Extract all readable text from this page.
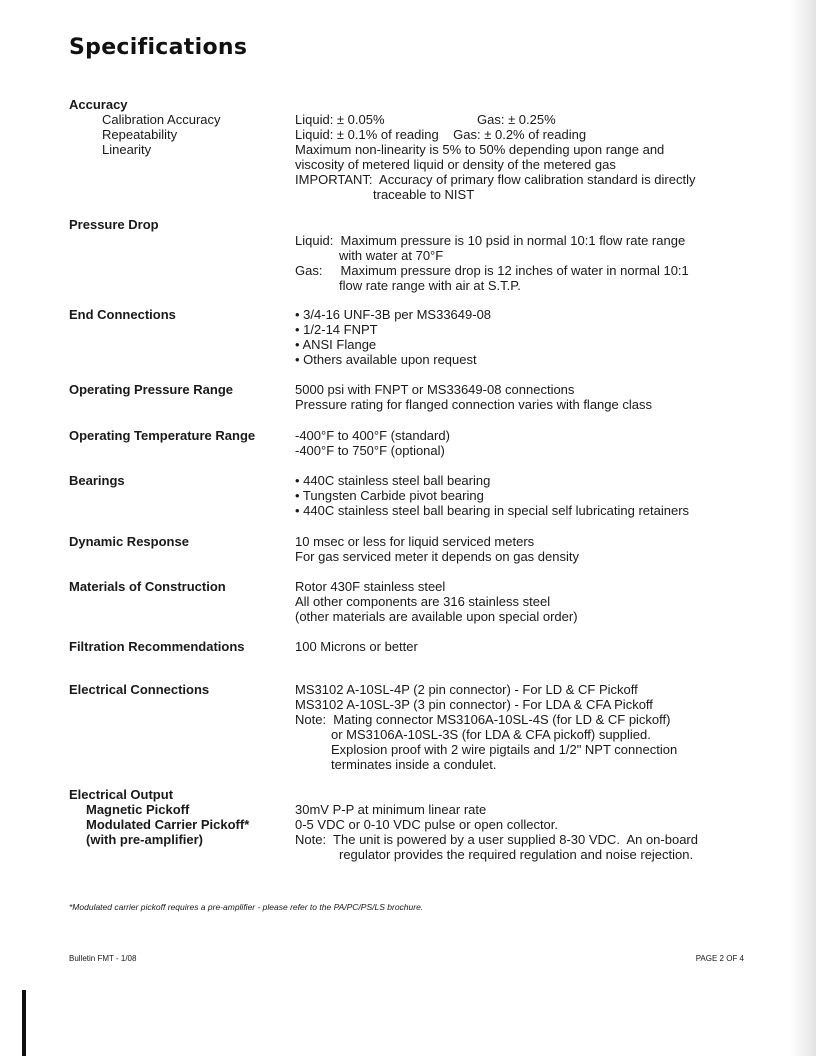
Specifications
Accuracy
Calibration Accuracy	Liquid: ± 0.05%	Gas: ± 0.25%
Repeatability	Liquid: ± 0.1% of reading    Gas: ± 0.2% of reading
Linearity	Maximum non-linearity is 5% to 50% depending upon range and
viscosity of metered liquid or density of the metered gas
IMPORTANT:  Accuracy of primary flow calibration standard is directly
traceable to NIST
Pressure Drop
Liquid:  Maximum pressure is 10 psid in normal 10:1 flow rate range
with water at 70°F
Gas:     Maximum pressure drop is 12 inches of water in normal 10:1
flow rate range with air at S.T.P.
End Connections	• 3/4-16 UNF-3B per MS33649-08
• 1/2-14 FNPT
• ANSI Flange
• Others available upon request
Operating Pressure Range	5000 psi with FNPT or MS33649-08 connections
Pressure rating for flanged connection varies with flange class
Operating Temperature Range	-400°F to 400°F (standard)
-400°F to 750°F (optional)
Bearings	• 440C stainless steel ball bearing
• Tungsten Carbide pivot bearing
• 440C stainless steel ball bearing in special self lubricating retainers
Dynamic Response	10 msec or less for liquid serviced meters
For gas serviced meter it depends on gas density
Materials of Construction	Rotor 430F stainless steel
All other components are 316 stainless steel
(other materials are available upon special order)
Filtration Recommendations	100 Microns or better
Electrical Connections	MS3102 A-10SL-4P (2 pin connector) - For LD & CF Pickoff
MS3102 A-10SL-3P (3 pin connector) - For LDA & CFA Pickoff
Note:  Mating connector MS3106A-10SL-4S (for LD & CF pickoff)
or MS3106A-10SL-3S (for LDA & CFA pickoff) supplied.
Explosion proof with 2 wire pigtails and 1/2" NPT connection
terminates inside a condulet.
Electrical Output
Magnetic Pickoff	30mV P-P at minimum linear rate
Modulated Carrier Pickoff*	0-5 VDC or 0-10 VDC pulse or open collector.
(with pre-amplifier)	Note:  The unit is powered by a user supplied 8-30 VDC.  An on-board
regulator provides the required regulation and noise rejection.
*Modulated carrier pickoff requires a pre-amplifier - please refer to the PA/PC/PS/LS brochure.
Bulletin FMT - 1/08	PAGE 2 OF 4
